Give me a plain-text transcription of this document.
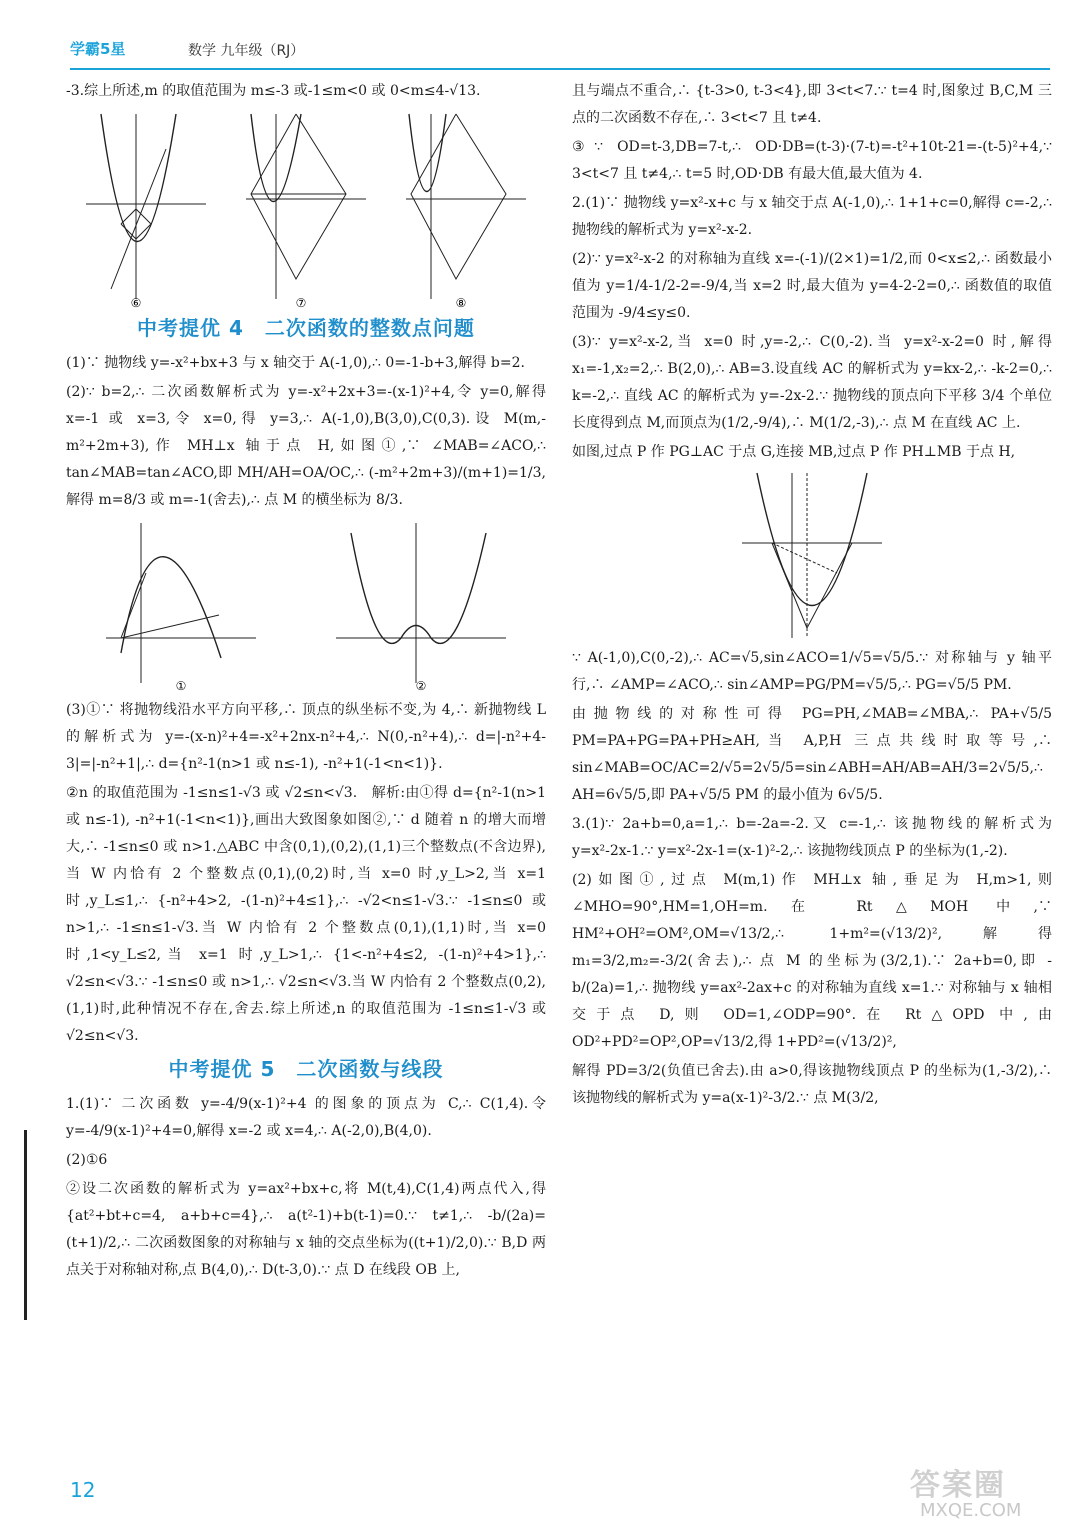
学霸5星	数学 九年级（RJ）

-3.综上所述,m 的取值范围为 m≤-3 或-1≤m<0 或 0<m≤4-√13.

⑥	⑦	⑧
中考提优 4　二次函数的整数点问题

(1)∵ 抛物线 y=-x²+bx+3 与 x 轴交于 A(-1,0),∴ 0=-1-b+3,解得 b=2.

(2)∵ b=2,∴ 二次函数解析式为 y=-x²+2x+3=-(x-1)²+4,令 y=0,解得 x=-1 或 x=3,令 x=0,得 y=3,∴ A(-1,0),B(3,0),C(0,3).设 M(m,-m²+2m+3),作 MH⊥x 轴于点 H,如图①,∵ ∠MAB=∠ACO,∴ tan∠MAB=tan∠ACO,即 MH/AH=OA/OC,∴ (-m²+2m+3)/(m+1)=1/3,解得 m=8/3 或 m=-1(舍去),∴ 点 M 的横坐标为 8/3.

①	②

(3)①∵ 将抛物线沿水平方向平移,∴ 顶点的纵坐标不变,为 4,∴ 新抛物线 L 的解析式为 y=-(x-n)²+4=-x²+2nx-n²+4,∴ N(0,-n²+4),∴ d=|-n²+4-3|=|-n²+1|,∴ d={n²-1(n>1 或 n≤-1), -n²+1(-1<n<1)}.

②n 的取值范围为 -1≤n≤1-√3 或 √2≤n<√3.　解析:由①得 d={n²-1(n>1 或 n≤-1), -n²+1(-1<n<1)},画出大致图象如图②,∵ d 随着 n 的增大而增大,∴ -1≤n≤0 或 n>1.△ABC 中含(0,1),(0,2),(1,1)三个整数点(不含边界),当 W 内恰有 2 个整数点(0,1),(0,2)时,当 x=0 时,y_L>2,当 x=1 时,y_L≤1,∴ {-n²+4>2, -(1-n)²+4≤1},∴ -√2<n≤1-√3.∵ -1≤n≤0 或 n>1,∴ -1≤n≤1-√3.当 W 内恰有 2 个整数点(0,1),(1,1)时,当 x=0 时,1<y_L≤2,当 x=1 时,y_L>1,∴ {1<-n²+4≤2, -(1-n)²+4>1},∴ √2≤n<√3.∵ -1≤n≤0 或 n>1,∴ √2≤n<√3.当 W 内恰有 2 个整数点(0,2),(1,1)时,此种情况不存在,舍去.综上所述,n 的取值范围为 -1≤n≤1-√3 或 √2≤n<√3.

中考提优 5　二次函数与线段

1.(1)∵ 二次函数 y=-4/9(x-1)²+4 的图象的顶点为 C,∴ C(1,4).令 y=-4/9(x-1)²+4=0,解得 x=-2 或 x=4,∴ A(-2,0),B(4,0).

(2)①6

②设二次函数的解析式为 y=ax²+bx+c,将 M(t,4),C(1,4)两点代入,得 {at²+bt+c=4, a+b+c=4},∴ a(t²-1)+b(t-1)=0.∵ t≠1,∴ -b/(2a)=(t+1)/2,∴ 二次函数图象的对称轴与 x 轴的交点坐标为((t+1)/2,0).∵ B,D 两点关于对称轴对称,点 B(4,0),∴ D(t-3,0).∵ 点 D 在线段 OB 上,

且与端点不重合,∴ {t-3>0, t-3<4},即 3<t<7.∵ t=4 时,图象过 B,C,M 三点的二次函数不存在,∴ 3<t<7 且 t≠4.

③∵ OD=t-3,DB=7-t,∴ OD·DB=(t-3)·(7-t)=-t²+10t-21=-(t-5)²+4,∵ 3<t<7 且 t≠4,∴ t=5 时,OD·DB 有最大值,最大值为 4.

2.(1)∵ 抛物线 y=x²-x+c 与 x 轴交于点 A(-1,0),∴ 1+1+c=0,解得 c=-2,∴ 抛物线的解析式为 y=x²-x-2.

(2)∵ y=x²-x-2 的对称轴为直线 x=-(-1)/(2×1)=1/2,而 0<x≤2,∴ 函数最小值为 y=1/4-1/2-2=-9/4,当 x=2 时,最大值为 y=4-2-2=0,∴ 函数值的取值范围为 -9/4≤y≤0.

(3)∵ y=x²-x-2,当 x=0 时,y=-2,∴ C(0,-2).当 y=x²-x-2=0 时,解得 x₁=-1,x₂=2,∴ B(2,0),∴ AB=3.设直线 AC 的解析式为 y=kx-2,∴ -k-2=0,∴ k=-2,∴ 直线 AC 的解析式为 y=-2x-2.∵ 抛物线的顶点向下平移 3/4 个单位长度得到点 M,而顶点为(1/2,-9/4),∴ M(1/2,-3),∴ 点 M 在直线 AC 上.

如图,过点 P 作 PG⊥AC 于点 G,连接 MB,过点 P 作 PH⊥MB 于点 H,

∵ A(-1,0),C(0,-2),∴ AC=√5,sin∠ACO=1/√5=√5/5.∵ 对称轴与 y 轴平行,∴ ∠AMP=∠ACO,∴ sin∠AMP=PG/PM=√5/5,∴ PG=√5/5 PM.

由抛物线的对称性可得 PG=PH,∠MAB=∠MBA,∴ PA+√5/5 PM=PA+PG=PA+PH≥AH,当 A,P,H 三点共线时取等号,∴ sin∠MAB=OC/AC=2/√5=2√5/5=sin∠ABH=AH/AB=AH/3=2√5/5,∴ AH=6√5/5,即 PA+√5/5 PM 的最小值为 6√5/5.

3.(1)∵ 2a+b=0,a=1,∴ b=-2a=-2.又 c=-1,∴ 该抛物线的解析式为 y=x²-2x-1.∵ y=x²-2x-1=(x-1)²-2,∴ 该抛物线顶点 P 的坐标为(1,-2).

(2)如图①,过点 M(m,1)作 MH⊥x 轴,垂足为 H,m>1,则 ∠MHO=90°,HM=1,OH=m.在 Rt△MOH 中,∵ HM²+OH²=OM²,OM=√13/2,∴ 1+m²=(√13/2)²,解得 m₁=3/2,m₂=-3/2(舍去),∴ 点 M 的坐标为(3/2,1).∵ 2a+b=0,即 -b/(2a)=1,∴ 抛物线 y=ax²-2ax+c 的对称轴为直线 x=1.∵ 对称轴与 x 轴相交于点 D,则 OD=1,∠ODP=90°.在 Rt△OPD 中,由 OD²+PD²=OP²,OP=√13/2,得 1+PD²=(√13/2)²,

解得 PD=3/2(负值已舍去).由 a>0,得该抛物线顶点 P 的坐标为(1,-3/2),∴ 该抛物线的解析式为 y=a(x-1)²-3/2.∵ 点 M(3/2,

12	答案圈
MXQE.COM
